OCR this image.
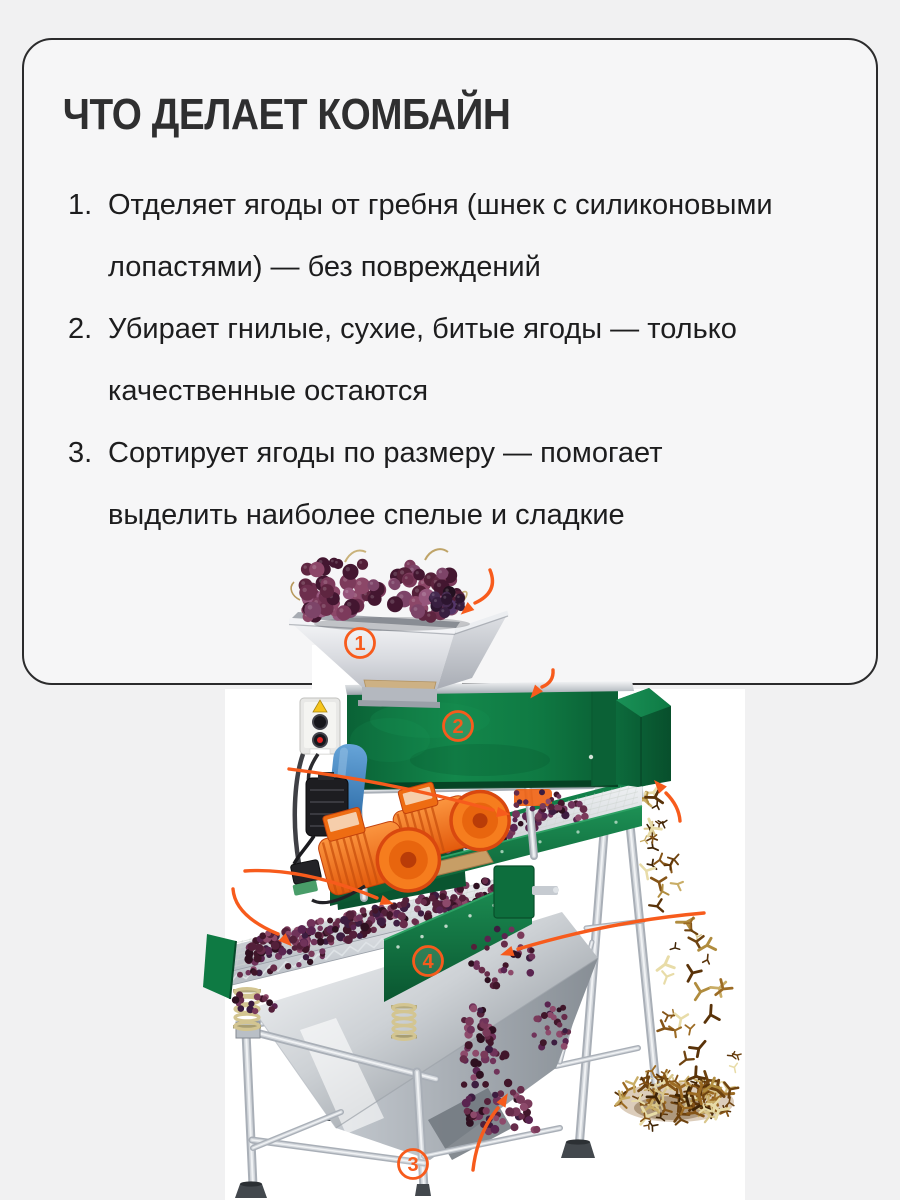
ЧТО ДЕЛАЕТ КОМБАЙН
1. Отделяет ягоды от гребня (шнек с силиконовыми
лопастями) — без повреждений
2. Убирает гнилые, сухие, битые ягоды — только
качественные остаются
3. Сортирует ягоды по размеру — помогает
выделить наиболее спелые и сладкие
1
2
3
4
